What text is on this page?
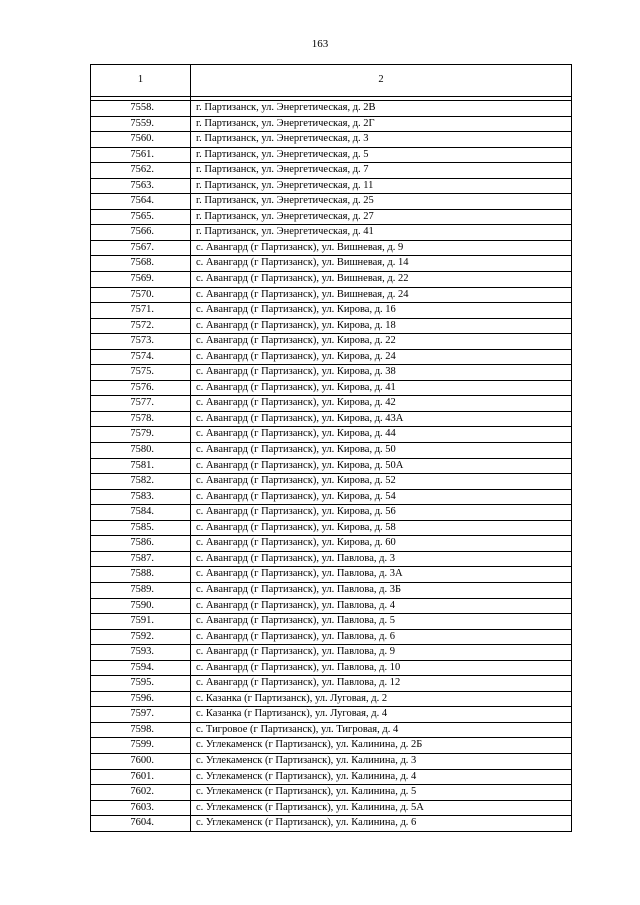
163
1	2

7558.	г. Партизанск, ул. Энергетическая, д. 2В
7559.	г. Партизанск, ул. Энергетическая, д. 2Г
7560.	г. Партизанск, ул. Энергетическая, д. 3
7561.	г. Партизанск, ул. Энергетическая, д. 5
7562.	г. Партизанск, ул. Энергетическая, д. 7
7563.	г. Партизанск, ул. Энергетическая, д. 11
7564.	г. Партизанск, ул. Энергетическая, д. 25
7565.	г. Партизанск, ул. Энергетическая, д. 27
7566.	г. Партизанск, ул. Энергетическая, д. 41
7567.	с. Авангард (г Партизанск), ул. Вишневая, д. 9
7568.	с. Авангард (г Партизанск), ул. Вишневая, д. 14
7569.	с. Авангард (г Партизанск), ул. Вишневая, д. 22
7570.	с. Авангард (г Партизанск), ул. Вишневая, д. 24
7571.	с. Авангард (г Партизанск), ул. Кирова, д. 16
7572.	с. Авангард (г Партизанск), ул. Кирова, д. 18
7573.	с. Авангард (г Партизанск), ул. Кирова, д. 22
7574.	с. Авангард (г Партизанск), ул. Кирова, д. 24
7575.	с. Авангард (г Партизанск), ул. Кирова, д. 38
7576.	с. Авангард (г Партизанск), ул. Кирова, д. 41
7577.	с. Авангард (г Партизанск), ул. Кирова, д. 42
7578.	с. Авангард (г Партизанск), ул. Кирова, д. 43А
7579.	с. Авангард (г Партизанск), ул. Кирова, д. 44
7580.	с. Авангард (г Партизанск), ул. Кирова, д. 50
7581.	с. Авангард (г Партизанск), ул. Кирова, д. 50А
7582.	с. Авангард (г Партизанск), ул. Кирова, д. 52
7583.	с. Авангард (г Партизанск), ул. Кирова, д. 54
7584.	с. Авангард (г Партизанск), ул. Кирова, д. 56
7585.	с. Авангард (г Партизанск), ул. Кирова, д. 58
7586.	с. Авангард (г Партизанск), ул. Кирова, д. 60
7587.	с. Авангард (г Партизанск), ул. Павлова, д. 3
7588.	с. Авангард (г Партизанск), ул. Павлова, д. 3А
7589.	с. Авангард (г Партизанск), ул. Павлова, д. 3Б
7590.	с. Авангард (г Партизанск), ул. Павлова, д. 4
7591.	с. Авангард (г Партизанск), ул. Павлова, д. 5
7592.	с. Авангард (г Партизанск), ул. Павлова, д. 6
7593.	с. Авангард (г Партизанск), ул. Павлова, д. 9
7594.	с. Авангард (г Партизанск), ул. Павлова, д. 10
7595.	с. Авангард (г Партизанск), ул. Павлова, д. 12
7596.	с. Казанка (г Партизанск), ул. Луговая, д. 2
7597.	с. Казанка (г Партизанск), ул. Луговая, д. 4
7598.	с. Тигровое (г Партизанск), ул. Тигровая, д. 4
7599.	с. Углекаменск (г Партизанск), ул. Калинина, д. 2Б
7600.	с. Углекаменск (г Партизанск), ул. Калинина, д. 3
7601.	с. Углекаменск (г Партизанск), ул. Калинина, д. 4
7602.	с. Углекаменск (г Партизанск), ул. Калинина, д. 5
7603.	с. Углекаменск (г Партизанск), ул. Калинина, д. 5А
7604.	с. Углекаменск (г Партизанск), ул. Калинина, д. 6
